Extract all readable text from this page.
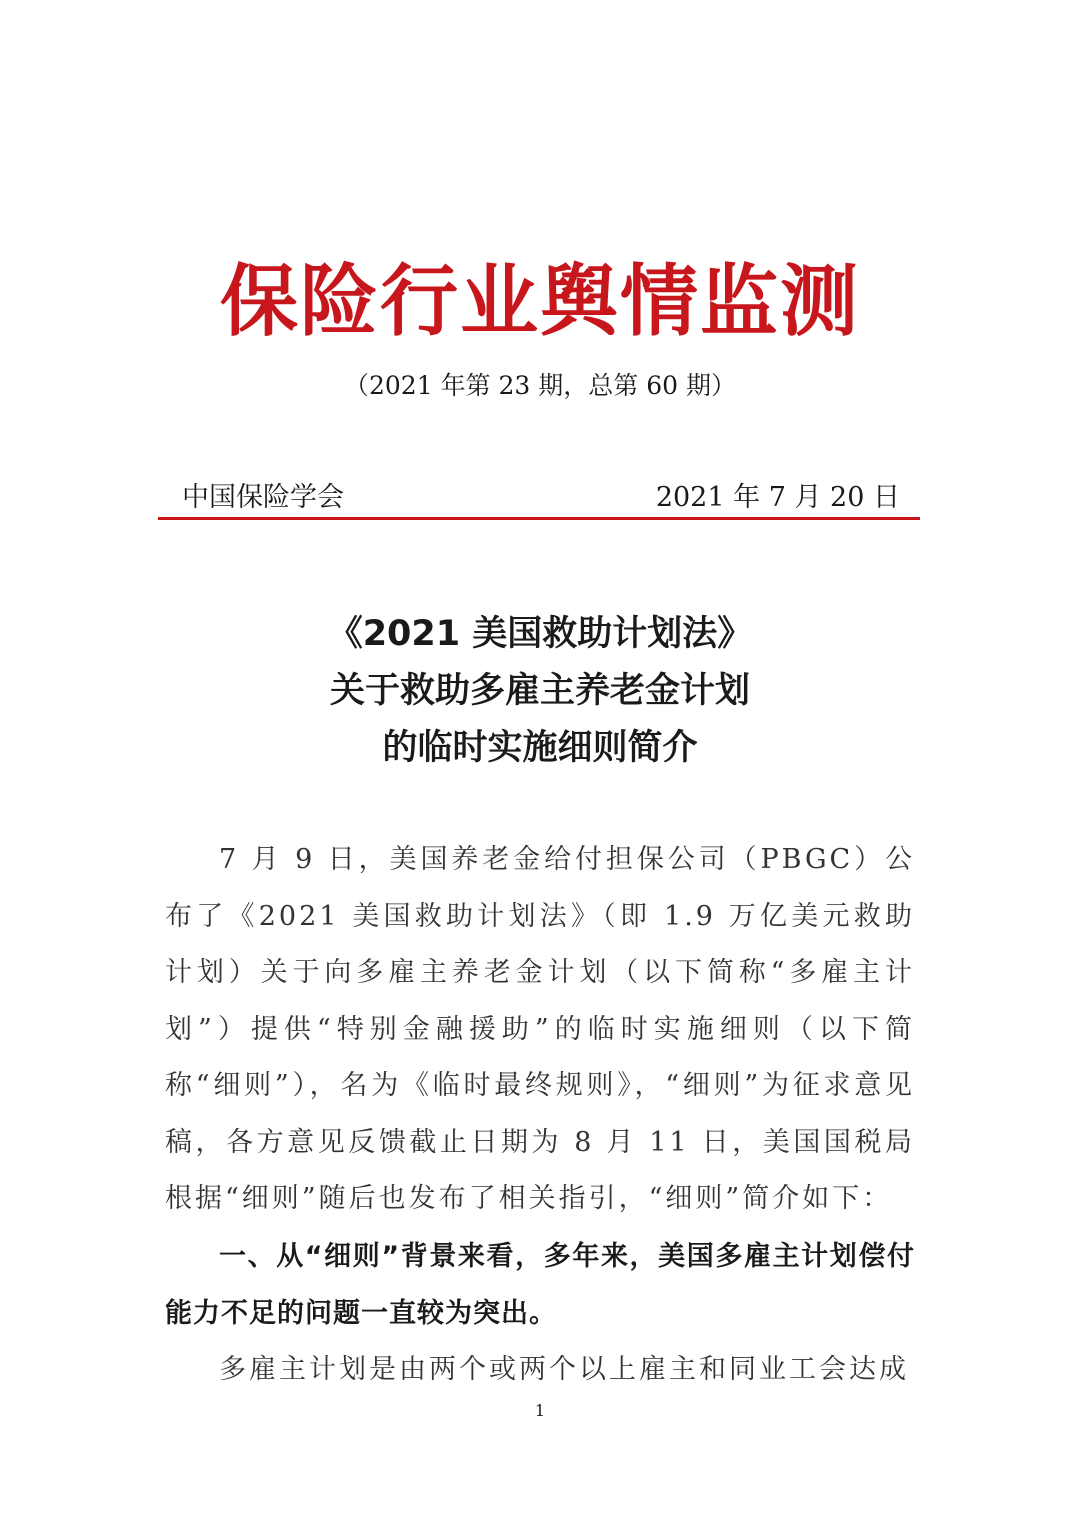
保险行业舆情监测
（2021 年第 23 期，总第 60 期）
中国保险学会	2021 年 7 月 20 日
《2021 美国救助计划法》
关于救助多雇主养老金计划
的临时实施细则简介

7 月 9 日，美国养老金给付担保公司（PBGC）公布了《2021 美国救助计划法》（即 1.9 万亿美元救助计划）关于向多雇主养老金计划（以下简称“多雇主计划”）提供“特别金融援助”的临时实施细则（以下简称“细则”），名为《临时最终规则》，“细则”为征求意见稿，各方意见反馈截止日期为 8 月 11 日，美国国税局根据“细则”随后也发布了相关指引，“细则”简介如下：

一、从“细则”背景来看，多年来，美国多雇主计划偿付能力不足的问题一直较为突出。

多雇主计划是由两个或两个以上雇主和同业工会达成

1
